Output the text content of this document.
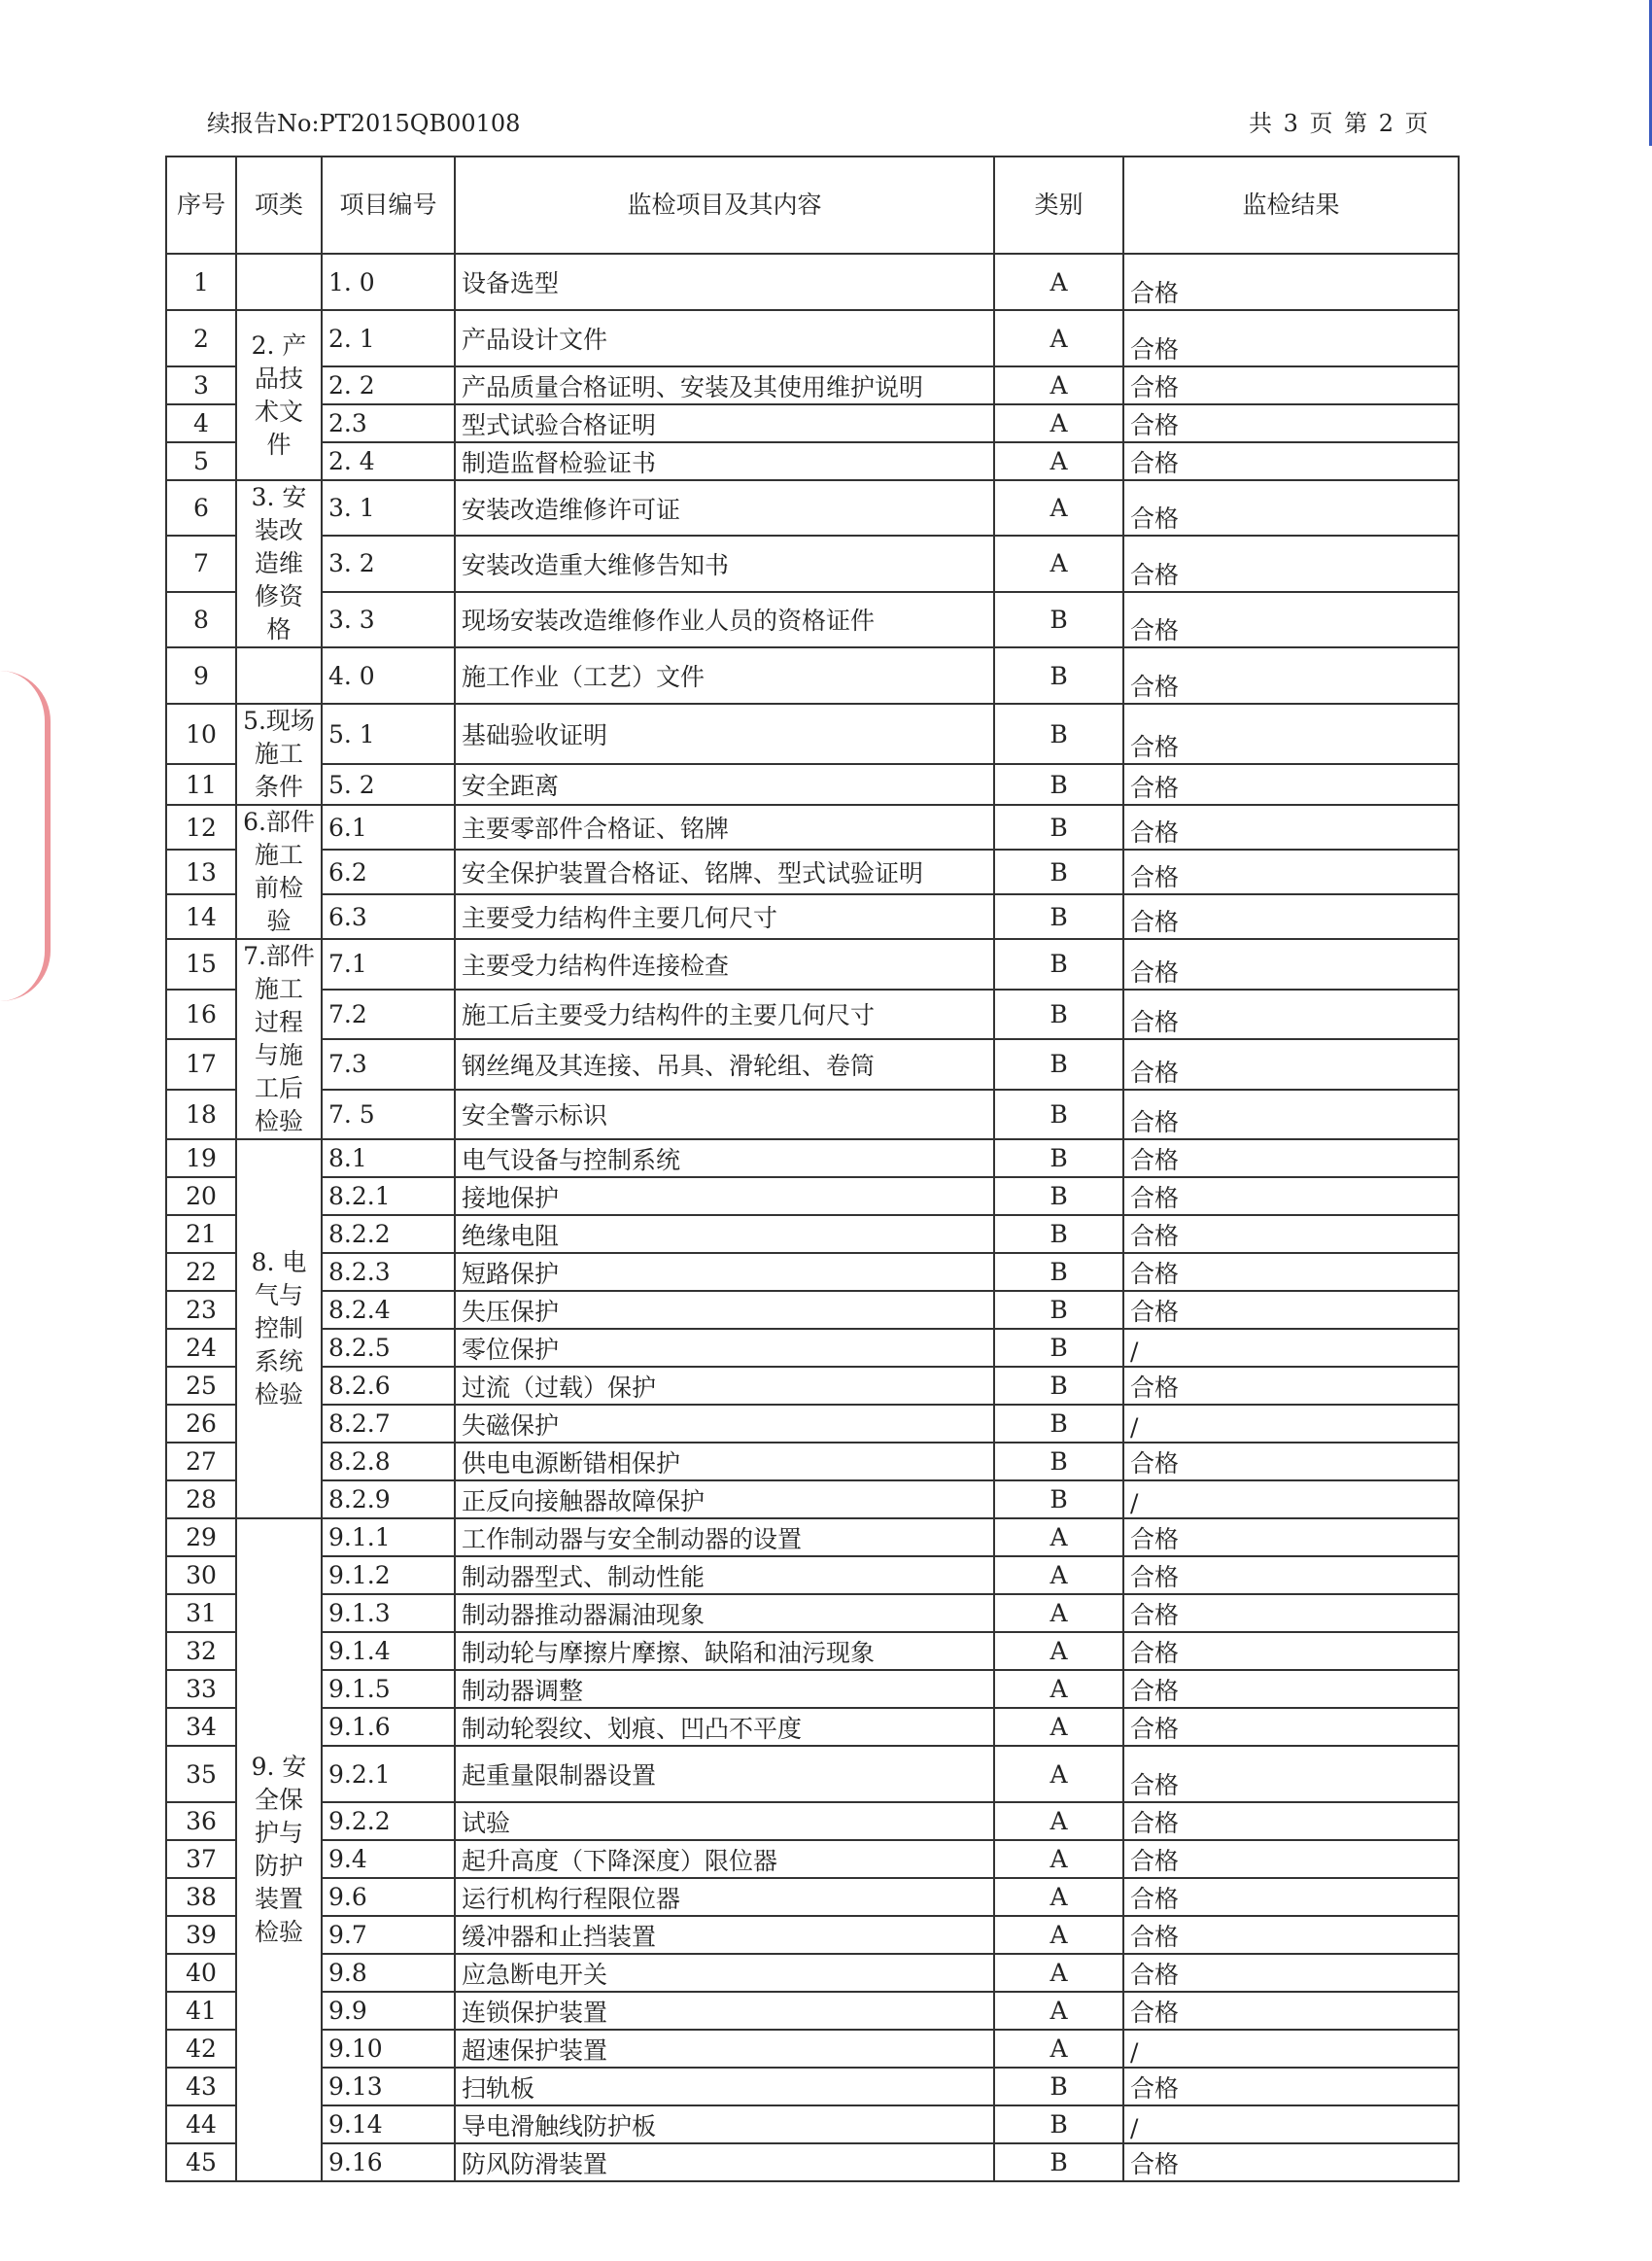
续报告No:PT2015QB00108	共 3 页 第 2 页
序号	项类	项目编号	监检项目及其内容	类别	监检结果
1		1. 0	设备选型	A	合格
2	2. 产品技术文件	2. 1	产品设计文件	A	合格
3		2. 2	产品质量合格证明、安装及其使用维护说明	A	合格
4		2.3	型式试验合格证明	A	合格
5		2. 4	制造监督检验证书	A	合格
6	3. 安装改造维修资格	3. 1	安装改造维修许可证	A	合格
7		3. 2	安装改造重大维修告知书	A	合格
8		3. 3	现场安装改造维修作业人员的资格证件	B	合格
9		4. 0	施工作业（工艺）文件	B	合格
10	5.现场施工条件	5. 1	基础验收证明	B	合格
11		5. 2	安全距离	B	合格
12	6.部件施工前检验	6.1	主要零部件合格证、铭牌	B	合格
13		6.2	安全保护装置合格证、铭牌、型式试验证明	B	合格
14		6.3	主要受力结构件主要几何尺寸	B	合格
15	7.部件施工过程与施工后检验	7.1	主要受力结构件连接检查	B	合格
16		7.2	施工后主要受力结构件的主要几何尺寸	B	合格
17		7.3	钢丝绳及其连接、吊具、滑轮组、卷筒	B	合格
18		7. 5	安全警示标识	B	合格
19	8. 电气与控制系统检验	8.1	电气设备与控制系统	B	合格
20		8.2.1	接地保护	B	合格
21		8.2.2	绝缘电阻	B	合格
22		8.2.3	短路保护	B	合格
23		8.2.4	失压保护	B	合格
24		8.2.5	零位保护	B	/
25		8.2.6	过流（过载）保护	B	合格
26		8.2.7	失磁保护	B	/
27		8.2.8	供电电源断错相保护	B	合格
28		8.2.9	正反向接触器故障保护	B	/
29	9. 安全保护与防护装置检验	9.1.1	工作制动器与安全制动器的设置	A	合格
30		9.1.2	制动器型式、制动性能	A	合格
31		9.1.3	制动器推动器漏油现象	A	合格
32		9.1.4	制动轮与摩擦片摩擦、缺陷和油污现象	A	合格
33		9.1.5	制动器调整	A	合格
34		9.1.6	制动轮裂纹、划痕、凹凸不平度	A	合格
35		9.2.1	起重量限制器设置	A	合格
36		9.2.2	试验	A	合格
37		9.4	起升高度（下降深度）限位器	A	合格
38		9.6	运行机构行程限位器	A	合格
39		9.7	缓冲器和止挡装置	A	合格
40		9.8	应急断电开关	A	合格
41		9.9	连锁保护装置	A	合格
42		9.10	超速保护装置	A	/
43		9.13	扫轨板	B	合格
44		9.14	导电滑触线防护板	B	/
45		9.16	防风防滑装置	B	合格
